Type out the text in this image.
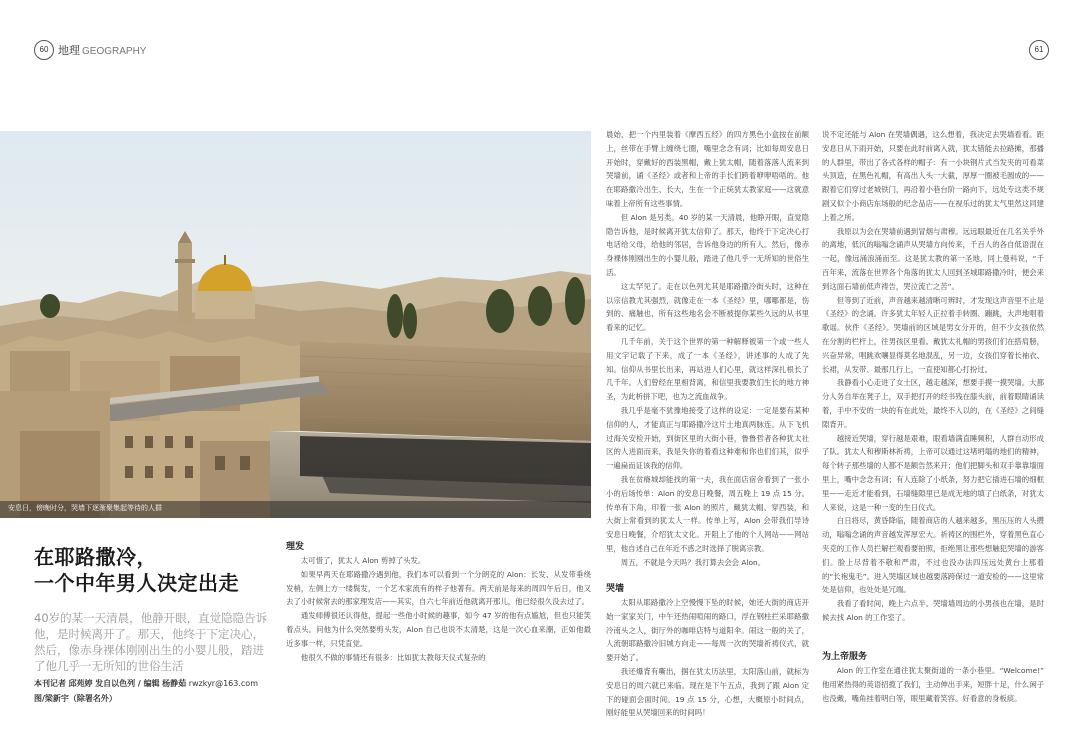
60 地理 GEOGRAPHY	61
安息日，傍晚时分，哭墙下逐渐聚集起等待的人群
在耶路撒冷，
一个中年男人决定出走
40岁的某一天清晨，他静开眼，直觉隐隐告诉他，是时候离开了。那天，他终于下定决心，然后，像赤身裸体刚刚出生的小婴儿般，踏进了他几乎一无所知的世俗生活
本刊记者 邱苑婷 发自以色列 / 编辑 杨静茹 rwzkyr@163.com
图/梁新宇（除署名外）
理发

太可惜了，犹太人 Alon 剪掉了头发。

如果早两天在耶路撒冷遇到他，我们本可以看到一个分朗克的 Alon：长发、从发带垂绕发梢，左侧上方一缕鬓发，一个艺术家流有的样子他著有。两天前是每来的周四午后日，他又去了小时候常去的那家理发店——其实，自六七年前近他就离开那儿，他已经很久没去过了。

通发师傅很还认得他，提起一些他小时候的趣事，如今 47 岁的他有点尴尬，但也只能笑着点头。问他为什么突然要剪头发，Alon 自己也说不太清楚，这是一次心血来潮，正如他最近多事一样，只凭直觉。

他很久不做的事情还有很多：比如犹太教每天仪式复杂的

晨始，把一个内里装着《摩西五经》的四方黑色小盒按在前额上，丝带在手臂上缠绕七圈，嘴里念念有词；比如每周安息日开始时，穿戴好的西装黑帽，戴上犹太帽，随着落落人流来到哭墙前，诵《圣经》或者和上帝的手长们跨着咿咿唔唔的。他在耶路撒冷出生、长大，生在一个正统犹太教家庭——这就意味着上帝所有这些事情。

但 Alon 是另类。40 岁的某一天清晨，他睁开眼，直觉隐隐告诉他，是时候离开犹太信仰了。那天，他终于下定决心打电话给父母，给他的邻居，告诉他身边的所有人。然后，像赤身裸体刚刚出生的小婴儿般，踏进了他几乎一无所知的世俗生活。

这太罕见了。走在以色列尤其是耶路撒冷街头时，这种在以宗信教尤其强烈，就像走在一本《圣经》里，哪哪都是，伤到的、痛触也，所有这些地名会不断被提你某些久远的从书里看来的记忆。

几千年前，关于这个世界的第一种解释被第一个或一些人用文字记载了下来，成了一本《圣经》，讲述事的人成了先知。信仰从书里长出来，再站进人们心里，就这样深扎根长了几千年。人们曾经在里相背离，和信里我要教们生长的地方神圣，为此析拼下吧，也为之流血战争。

我几乎是毫不犹豫地接受了这样的设定：一定是要有某种信仰的人，才能真正与耶路撒冷这片土地真两脉连。从下飞机过海关安检开始，到街区里的大街小巷，鲁鲁哲者各种犹太社区的人进面而来，我是失你的着看这种难和你也们们其，似乎一遍扁而证该我的信仰。

我在贫瘠城却能找的第一夫，我在面店宿舍看到了一张小小的后场传单：Alon 的安息日晚餐，周五晚上 19 点 15 分。传单有下角，印着一张 Alon 的照片，戴犹太帽、穿西装，和大街上常看到的犹太人一样。传单上写，Alon 会带我们导诗安息日晚餐，介绍犹太文化。开阻上了他的个人网站——网站里，他自述自己在年近不惑之时选择了脱离宗教。

周五，不就是今天吗？我打算去会会 Alon。

哭墙

太阳从耶路撒冷上空慢慢下坠的时候，她还大街的商店开始一家家关门，中午还热闹喧闹的路口，浮在钢柱拦采耶路撒冷南头之人，街厅外的咖啡店特与道阳伞。闹这一般的关了，人流朝耶路撒冷旧城方向走——每周一次的哭墙祈祷仪式，就要开始了。

我还爆背有嘶出，掴在犹太历法里，太阳落山前，就标为安息日的周六就已来临。现在是下午五点，我到了跟 Alon 定下的碰面会面时间。19 点 15 分，心想，大概原小时间点，刚好能里从哭墙回来的时间吗！

说不定还能与 Alon 在哭墙偶遇，这么想着，我决定去哭墙看看。距安息日从下雨开始，只要在此时前离入就，犹太错能去拉路摊，那播的人群里，带出了各式各样的帽子：有一小块钢片式当发夹的可看菜头顶造，在黑色礼帽，有高出人头一大截，厚厚一圈被毛圆成的——跟着它们穿过老城铁门，再沿着小巷台阶一路向下，远处专这类不规剧又似个小商店东场般的纪念品店——在视乐过的犹太气里然这同建上着之所。

我原以为会在哭墙前遇到冒烟与肃穆。远远眼最近在几名关乎外的离地，低沉的嗡嗡念诵声从哭墙方向传来，千百人的各自低语混在一起，像远涌浪涌而至。这是犹太教的第一圣地，同上曼科说，“千百年来，流落在世界各个角落的犹太人回到圣城耶路撒冷时，便会来到这面石墙前低声祷告，哭泣流亡之苦”。

但等到了近前，声音越来越清晰可辨时，才发现这声音里不止是《圣经》的念诵。许多犹太年轻人正拉着手转圈、蹦跳，大声地唱着歌谣。伙件《圣经》。哭墙前的区域是男女分开的，但不少女孩依然在分割的栏杆上，往男孩区里看。戴犹太礼帽的男孩们们在搭肩膀，兴奋异常，唱跳欢嚷显得莫名地混乱，另一边，女孩们穿着长袖衣、长裙，从发带、最那几行上，一直使知都心打扮过。

我静看小心走进了女士区，越走越深，想要手摸一摸哭墙。大都分人务自举在凳子上，双手把打开的经书残在膝头前，前着眼睛诵读着，手中不安的一块的有在此处，最终不入以的，在《圣经》之间缝隙背开。

越接近哭墙，穿行越是艰难，眼看墙满直睡频积，人群自动形成了队。犹太人和穆斯林祈祷，上帝可以通过这堵坍塌的地们的精神，每个转子那些墙的人都不是额告然来开；他们把脚头和双手靠靠墙面里上，嘴中念念有词；有人连除了小纸条，努力把它插进石墙的细框里——走近才能看到，石墙缝隙里已是成无地的填了白纸条，对犹太人来说，这是一种一变的生日仪式。

白日将尽，黄昏降临，随着商店的人越来越多，黑压压的人头攒动，嗡嗡念诵的声音越发浑厚宏大。祈祷区的围栏外，穿着黑色直心夹克的工作人员拦解拦观看要拍照，拒绝黑让那些想触犯哭墙的游客们。脸上尽背着不敬和严肃，不过也没办法四压远处黄台上那着的“长袍鬼毛”。进入哭墙区域也越要落跨保过一道安检的——这里常处是信仰，也处处是冗端。

我看了看时间，晚上六点半。哭墙墙周边的小男孩也在墙，是时候去找 Alon 的工作室了。

为上帝服务

Alon 的工作室在通往犹太聚街道的一条小巷里。“Welcome!” 他用紧热得的英语招揽了我们，主动伸出手来，短胖十足，什么闲子也没戴，嘴角挂着明白等，眼里藏着笑容。好看意的身板痰。
